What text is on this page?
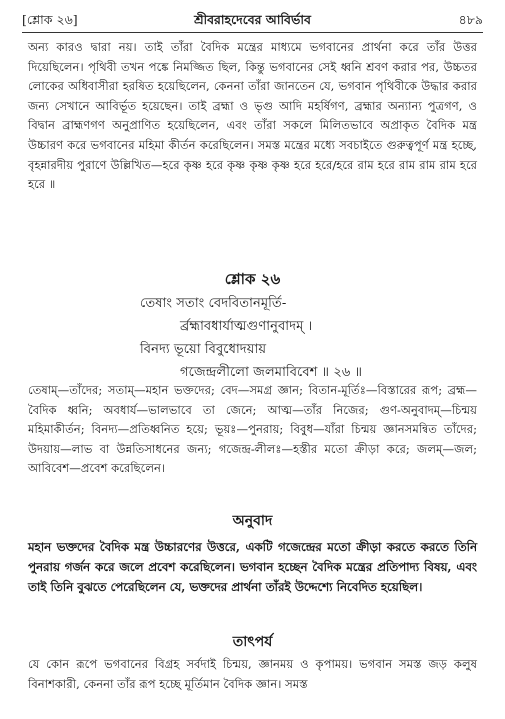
[শ্লোক ২৬]	শ্রীবরাহদেবের আবির্ভাব	৪৮৯
অন্য কারও দ্বারা নয়। তাই তাঁরা বৈদিক মন্ত্রের মাধ্যমে ভগবানের প্রার্থনা করে তাঁর উত্তর দিয়েছিলেন। পৃথিবী তখন পঙ্কে নিমজ্জিত ছিল, কিন্তু ভগবানের সেই ধ্বনি শ্রবণ করার পর, উচ্চতর লোকের অধিবাসীরা হরষিত হয়েছিলেন, কেননা তাঁরা জানতেন যে, ভগবান পৃথিবীকে উদ্ধার করার জন্য সেখানে আবির্ভূত হয়েছেন। তাই ব্রহ্মা ও ভৃগু আদি মহর্ষিগণ, ব্রহ্মার অন্যান্য পুত্রগণ, ও বিদ্বান ব্রাহ্মণগণ অনুপ্রাণিত হয়েছিলেন, এবং তাঁরা সকলে মিলিতভাবে অপ্রাকৃত বৈদিক মন্ত্র উচ্চারণ করে ভগবানের মহিমা কীর্তন করেছিলেন। সমস্ত মন্ত্রের মধ্যে সবচাইতে গুরুত্বপূর্ণ মন্ত্র হচ্ছে, বৃহন্নারদীয় পুরাণে উল্লিখিত—হরে কৃষ্ণ হরে কৃষ্ণ কৃষ্ণ কৃষ্ণ হরে হরে/হরে রাম হরে রাম রাম রাম হরে হরে ॥
শ্লোক ২৬
তেষাং সতাং বেদবিতানমূর্তি-
র্ব্রহ্মাবধার্যাত্মগুণানুবাদম্ ।
বিনদ্য ভূয়ো বিবুধোদয়ায়
গজেন্দ্রলীলো জলমাবিবেশ ॥ ২৬ ॥
তেষাম্—তাঁদের; সতাম্—মহান ভক্তদের; বেদ—সমগ্র জ্ঞান; বিতান-মূর্তিঃ—বিস্তারের রূপ; ব্রহ্ম—বৈদিক ধ্বনি; অবধার্য—ভালভাবে তা জেনে; আত্ম—তাঁর নিজের; গুণ-অনুবাদম্—চিন্ময় মহিমাকীর্তন; বিনদ্য—প্রতিধ্বনিত হয়ে; ভূয়ঃ—পুনরায়; বিবুধ—যাঁরা চিন্ময় জ্ঞানসমন্বিত তাঁদের; উদয়ায়—লাভ বা উন্নতিসাধনের জন্য; গজেন্দ্র-লীলঃ—হস্তীর মতো ক্রীড়া করে; জলম্—জল; আবিবেশ—প্রবেশ করেছিলেন।
অনুবাদ
মহান ভক্তদের বৈদিক মন্ত্র উচ্চারণের উত্তরে, একটি গজেন্দ্রের মতো ক্রীড়া করতে করতে তিনি পুনরায় গর্জন করে জলে প্রবেশ করেছিলেন। ভগবান হচ্ছেন বৈদিক মন্ত্রের প্রতিপাদ্য বিষয়, এবং তাই তিনি বুঝতে পেরেছিলেন যে, ভক্তদের প্রার্থনা তাঁরই উদ্দেশ্যে নিবেদিত হয়েছিল।
তাৎপর্য
যে কোন রূপে ভগবানের বিগ্রহ সর্বদাই চিন্ময়, জ্ঞানময় ও কৃপাময়। ভগবান সমস্ত জড় কলুষ বিনাশকারী, কেননা তাঁর রূপ হচ্ছে মূর্তিমান বৈদিক জ্ঞান। সমস্ত
